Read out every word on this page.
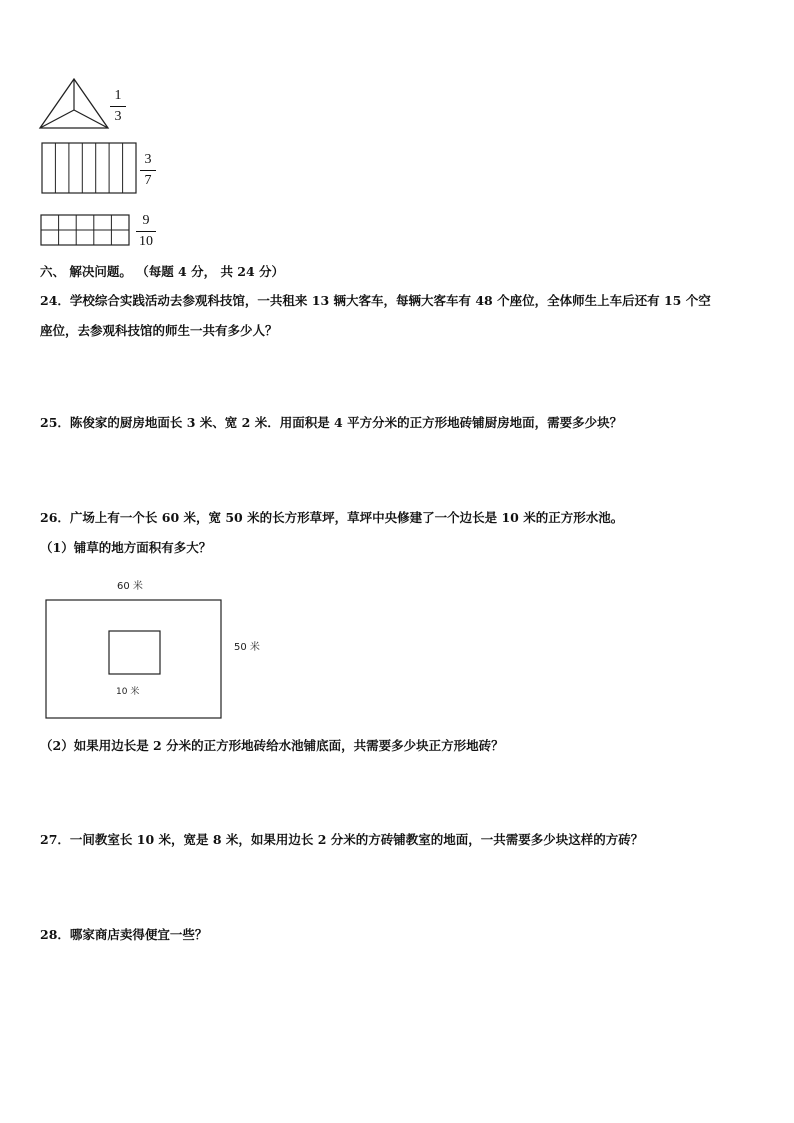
1
3
3
7
9
10
六、 解决问题。 （每题 4 分， 共 24 分）
24．学校综合实践活动去参观科技馆，一共租来 13 辆大客车，每辆大客车有 48 个座位，全体师生上车后还有 15 个空
座位，去参观科技馆的师生一共有多少人？
25．陈俊家的厨房地面长 3 米、宽 2 米．用面积是 4 平方分米的正方形地砖铺厨房地面，需要多少块？
26．广场上有一个长 60 米，宽 50 米的长方形草坪，草坪中央修建了一个边长是 10 米的正方形水池。
（1）铺草的地方面积有多大？
60 米
50 米
10 米
（2）如果用边长是 2 分米的正方形地砖给水池铺底面，共需要多少块正方形地砖？
27．一间教室长 10 米，宽是 8 米，如果用边长 2 分米的方砖铺教室的地面，一共需要多少块这样的方砖？
28．哪家商店卖得便宜一些？
